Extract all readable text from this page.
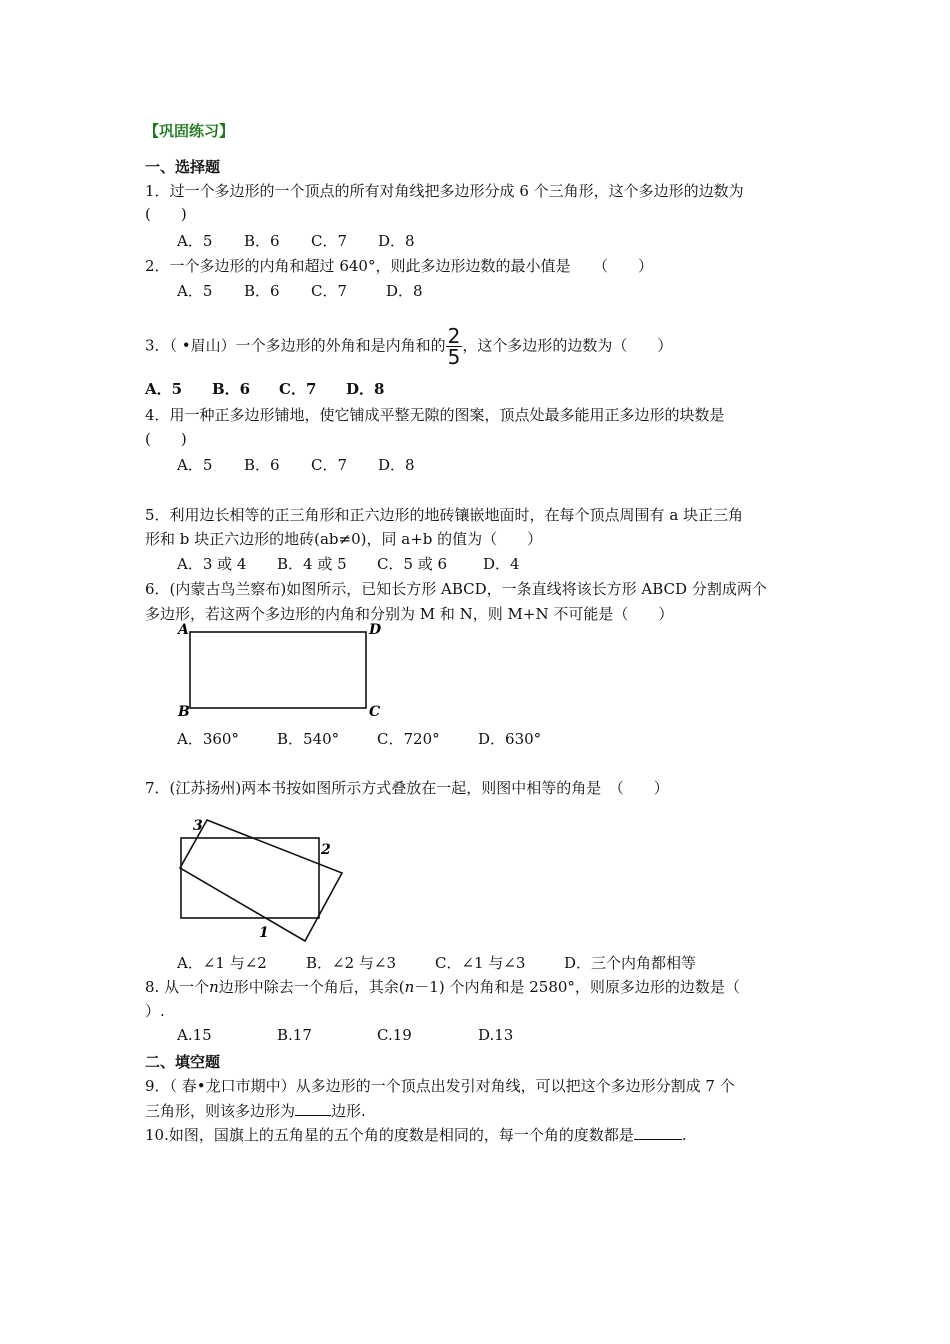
【巩固练习】
一、选择题
1．过一个多边形的一个顶点的所有对角线把多边形分成 6 个三角形，这个多边形的边数为
(　　)
A．5	B．6	C．7	D．8
2．一个多边形的内角和超过 640°，则此多边形边数的最小值是　　（　　）
A．5	B．6	C．7	D．8
3．（ •眉山）一个多边形的外角和是内角和的 $\frac{2}{5}$ ，这个多边形的边数为（　　）
A．5	B．6	C．7	D．8
4．用一种正多边形铺地，使它铺成平整无隙的图案，顶点处最多能用正多边形的块数是
(　　)
A．5	B．6	C．7	D．8
5．利用边长相等的正三角形和正六边形的地砖镶嵌地面时，在每个顶点周围有 a 块正三角
形和 b 块正六边形的地砖(ab≠0)，同 a+b 的值为（　　）
A．3 或 4	B．4 或 5	C．5 或 6	D．4
6．(内蒙古鸟兰察布)如图所示，已知长方形 ABCD，一条直线将该长方形 ABCD 分割成两个
多边形，若这两个多边形的内角和分别为 M 和 N，则 M+N 不可能是（　　）
A	D
B	C
A．360°	B．540°	C．720°	D．630°
7．(江苏扬州)两本书按如图所示方式叠放在一起，则图中相等的角是　（　　）
3
2
1
A．∠1 与∠2	B．∠2 与∠3	C．∠1 与∠3	D．三个内角都相等
8. 从一个n边形中除去一个角后，其余(n－1) 个内角和是 2580°，则原多边形的边数是（
）.
A.15	B.17	C.19	D.13
二、填空题
9．（ 春•龙口市期中）从多边形的一个顶点出发引对角线，可以把这个多边形分割成 7 个
三角形，则该多边形为 边形.
10.如图，国旗上的五角星的五个角的度数是相同的，每一个角的度数都是	.
